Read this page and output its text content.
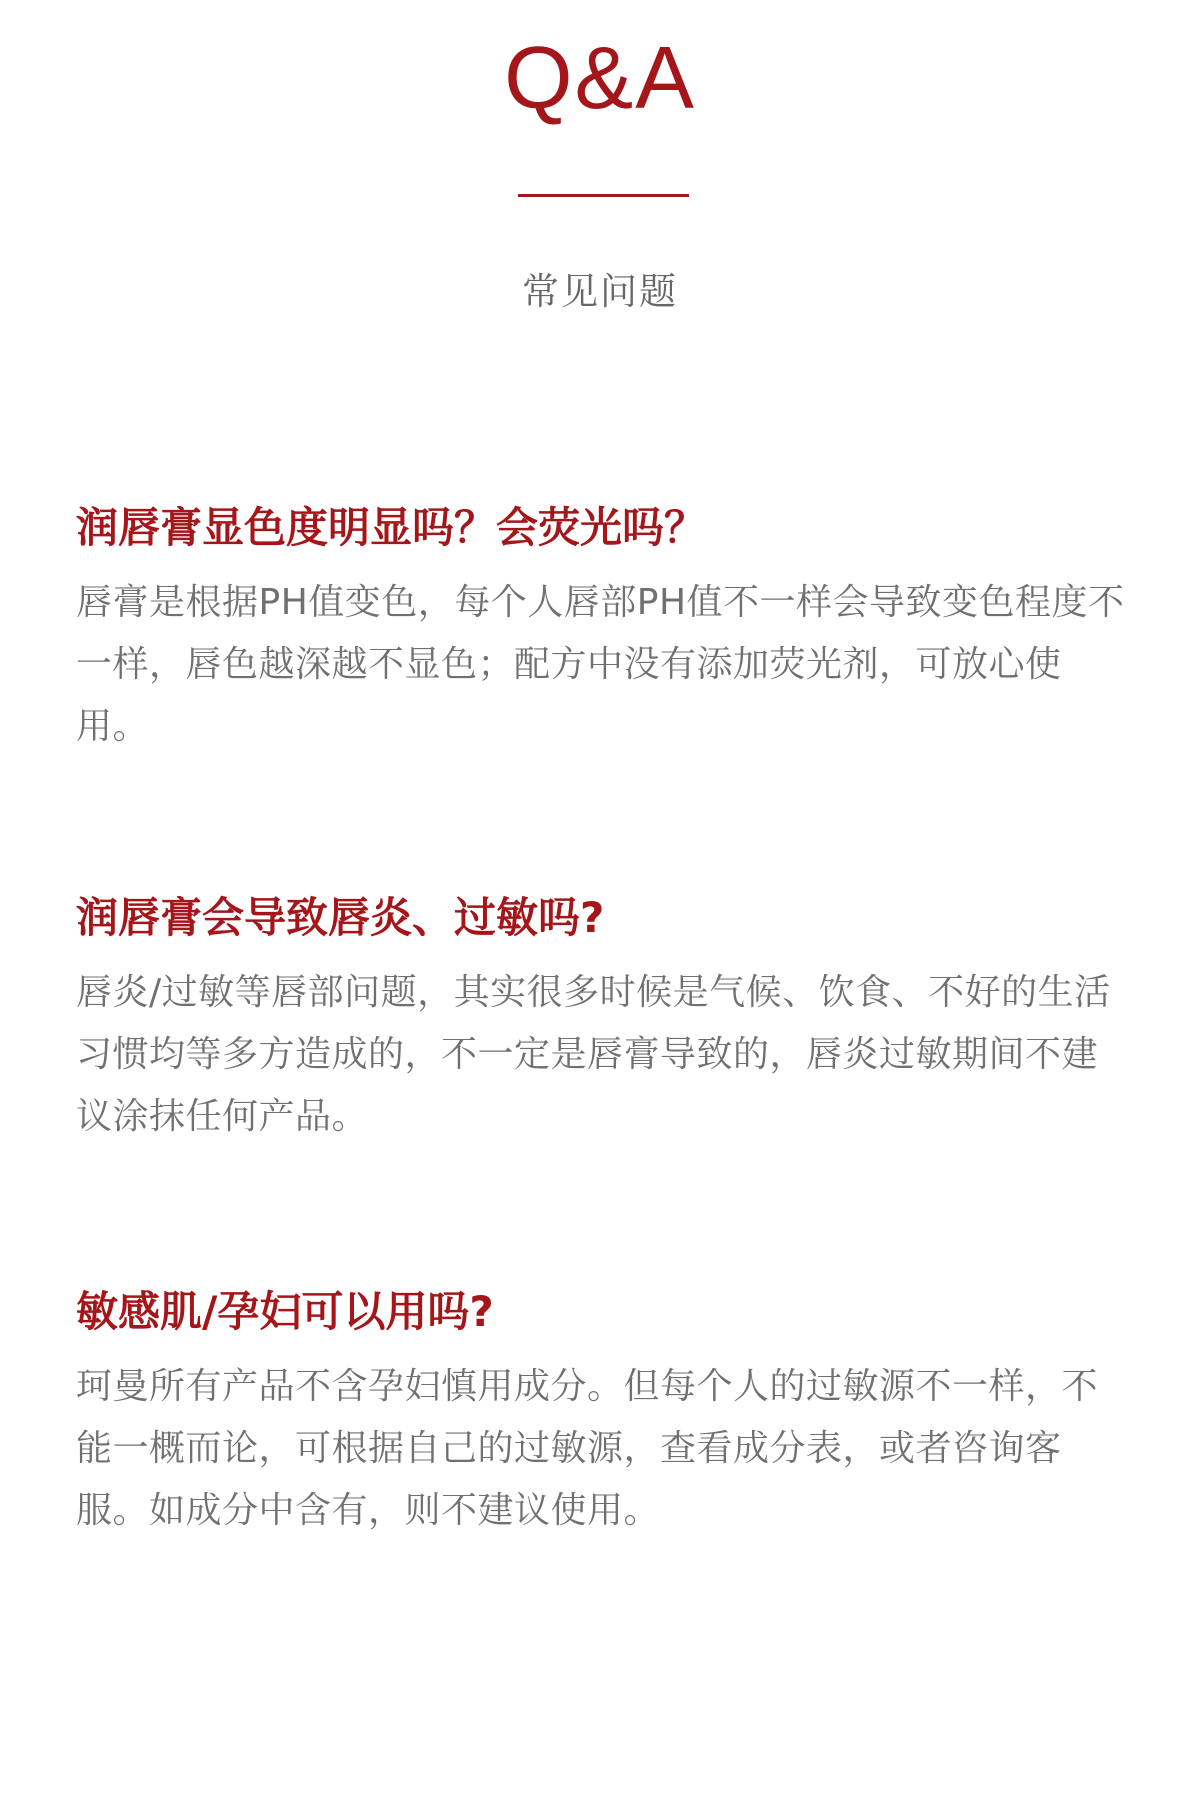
Q&A
常见问题

润唇膏显色度明显吗？会荧光吗？

唇膏是根据PH值变色，每个人唇部PH值不一样会导致变色程度不一样，唇色越深越不显色；配方中没有添加荧光剂，可放心使用。

润唇膏会导致唇炎、过敏吗?

唇炎/过敏等唇部问题，其实很多时候是气候、饮食、不好的生活习惯均等多方造成的，不一定是唇膏导致的，唇炎过敏期间不建议涂抹任何产品。

敏感肌/孕妇可以用吗?

珂曼所有产品不含孕妇慎用成分。但每个人的过敏源不一样，不能一概而论，可根据自己的过敏源，查看成分表，或者咨询客服。如成分中含有，则不建议使用。
